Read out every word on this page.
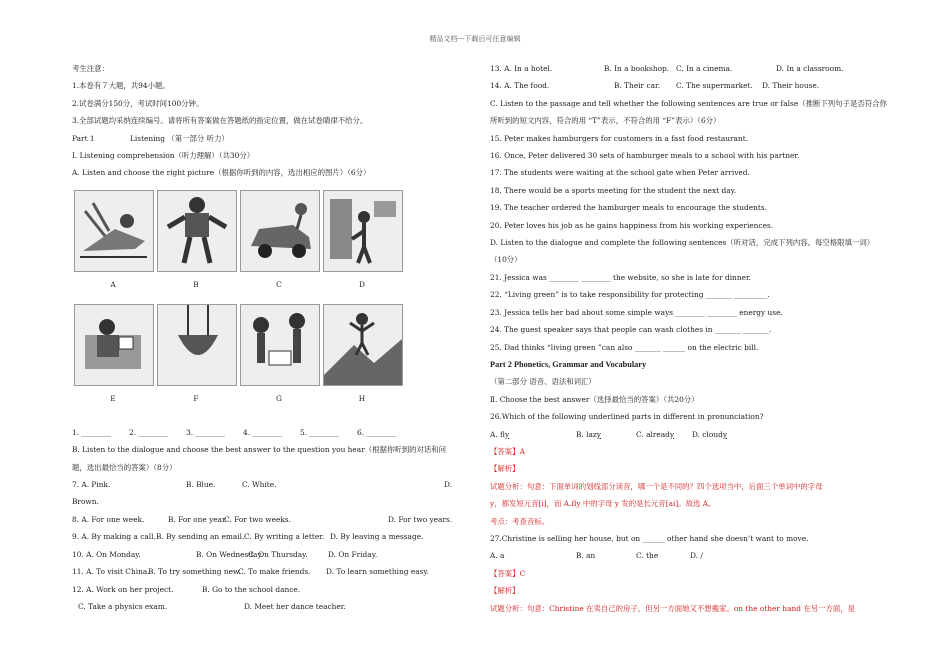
精品文档---下载后可任意编辑

考生注意：

1.本卷有７大题，共94小题。

2.试卷满分150分，考试时间100分钟。

3.全部试题均采纳连续编号。请将所有答案做在答题纸的指定位置，做在试卷睛律不给分。

Part 1	Listening （第一部分 听力）

I. Listening comprehension（听力理解）（共30分）

A. Listen and choose the right picture（根据你听到的内容，选出相应的图片）（6分）

A	B	C	D
E	F	G	H

1. ________ 2. ________ 3. ________ 4. ________ 5. ________ 6. ________

B. Listen to the dialogue and choose the best answer to the question you hear（根据你听到的对话和问题，选出最恰当的答案）（8分）

7. A. Pink.	B. Blue.	C. White.	D.

Brown.

8. A. For one week.	B. For one year.C. For two weeks.	D. For two years.

9. A. By making a call.B. By sending an email.C. By writing a letter. D. By leaving a message.

10. A. On Monday.	B. On Wednesday.C. On Thursday.	D. On Friday.

11. A. To visit China.B. To try something new.C. To make friends. D. To learn something easy.

12. A. Work on her project.	B. Go to the school dance.

C. Take a physics exam.	D. Meet her dance teacher.

13. A. In a hotel.	B. In a bookshop. C. In a cinema.	D. In a classroom.

14. A. The food.	B. Their car. C. The supermarket. D. Their house.

C. Listen to the passage and tell whether the following sentences are true or false（推断下列句子是否符合你所听到的短文内容，符合的用 “T”表示，不符合的用 “F”表示）（6分）

15. Peter makes hamburgers for customers in a fast food restaurant.

16. Once, Peter delivered 30 sets of hamburger meals to a school with his partner.

17. The students were waiting at the school gate when Peter arrived.

18. There would be a sports meeting for the student the next day.

19. The teacher ordered the hamburger meals to encourage the students.

20. Peter loves his job as he gains happiness from his working experiences.

D. Listen to the dialogue and complete the following sentences（听对话，完成下列内容。每空格限填一词）

（10分）

21. Jessica was ________ ________ the website, so she is late for dinner.

22. “Living green” is to take responsibility for protecting _______ _________.

23. Jessica tells her bad about some simple ways ________ ________ energy use.

24. The guest speaker says that people can wash clothes in _______ _______.

25. Dad thinks “living green ”can also _______ ______ on the electric bill.

Part 2 Phonetics, Grammar and Vocabulary

（第二部分 语音、语法和词汇）

Ⅱ. Choose the best answer（选择最恰当的答案）（共20分）

26.Which of the following underlined parts in different in pronunciation?

A. fly	B. lazy	C. already D. cloudy

【答案】A

【解析】

试题分析：句意：下面单词的划线部分读音，哪一个是不同的？四个选项当中，后面三个单词中的字母

y，都发短元音[i]，而 A.fly 中的字母 y 发的是长元音[ai]。故选 A。

考点：考查音标。

27.Christine is selling her house, but on ______ other hand she doesn’t want to move.

A. a	B. an	C. the	D. /

【答案】C

【解析】

试题分析：句意：Christine 在卖自己的房子，但另一方面她又不想搬家。on the other hand 在另一方面，是
